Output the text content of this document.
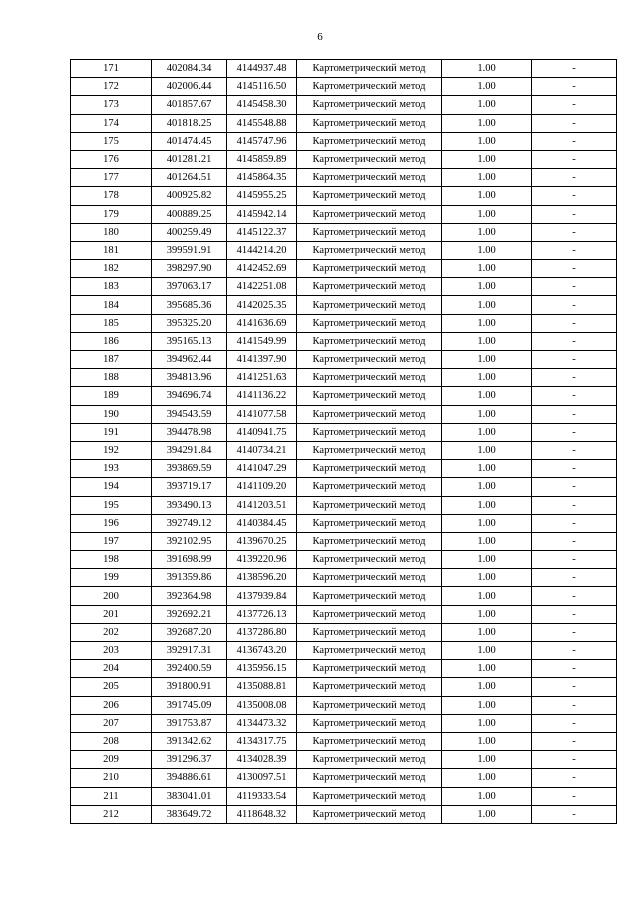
6
171	402084.34	4144937.48	Картометрический метод	1.00	-
172	402006.44	4145116.50	Картометрический метод	1.00	-
173	401857.67	4145458.30	Картометрический метод	1.00	-
174	401818.25	4145548.88	Картометрический метод	1.00	-
175	401474.45	4145747.96	Картометрический метод	1.00	-
176	401281.21	4145859.89	Картометрический метод	1.00	-
177	401264.51	4145864.35	Картометрический метод	1.00	-
178	400925.82	4145955.25	Картометрический метод	1.00	-
179	400889.25	4145942.14	Картометрический метод	1.00	-
180	400259.49	4145122.37	Картометрический метод	1.00	-
181	399591.91	4144214.20	Картометрический метод	1.00	-
182	398297.90	4142452.69	Картометрический метод	1.00	-
183	397063.17	4142251.08	Картометрический метод	1.00	-
184	395685.36	4142025.35	Картометрический метод	1.00	-
185	395325.20	4141636.69	Картометрический метод	1.00	-
186	395165.13	4141549.99	Картометрический метод	1.00	-
187	394962.44	4141397.90	Картометрический метод	1.00	-
188	394813.96	4141251.63	Картометрический метод	1.00	-
189	394696.74	4141136.22	Картометрический метод	1.00	-
190	394543.59	4141077.58	Картометрический метод	1.00	-
191	394478.98	4140941.75	Картометрический метод	1.00	-
192	394291.84	4140734.21	Картометрический метод	1.00	-
193	393869.59	4141047.29	Картометрический метод	1.00	-
194	393719.17	4141109.20	Картометрический метод	1.00	-
195	393490.13	4141203.51	Картометрический метод	1.00	-
196	392749.12	4140384.45	Картометрический метод	1.00	-
197	392102.95	4139670.25	Картометрический метод	1.00	-
198	391698.99	4139220.96	Картометрический метод	1.00	-
199	391359.86	4138596.20	Картометрический метод	1.00	-
200	392364.98	4137939.84	Картометрический метод	1.00	-
201	392692.21	4137726.13	Картометрический метод	1.00	-
202	392687.20	4137286.80	Картометрический метод	1.00	-
203	392917.31	4136743.20	Картометрический метод	1.00	-
204	392400.59	4135956.15	Картометрический метод	1.00	-
205	391800.91	4135088.81	Картометрический метод	1.00	-
206	391745.09	4135008.08	Картометрический метод	1.00	-
207	391753.87	4134473.32	Картометрический метод	1.00	-
208	391342.62	4134317.75	Картометрический метод	1.00	-
209	391296.37	4134028.39	Картометрический метод	1.00	-
210	394886.61	4130097.51	Картометрический метод	1.00	-
211	383041.01	4119333.54	Картометрический метод	1.00	-
212	383649.72	4118648.32	Картометрический метод	1.00	-
